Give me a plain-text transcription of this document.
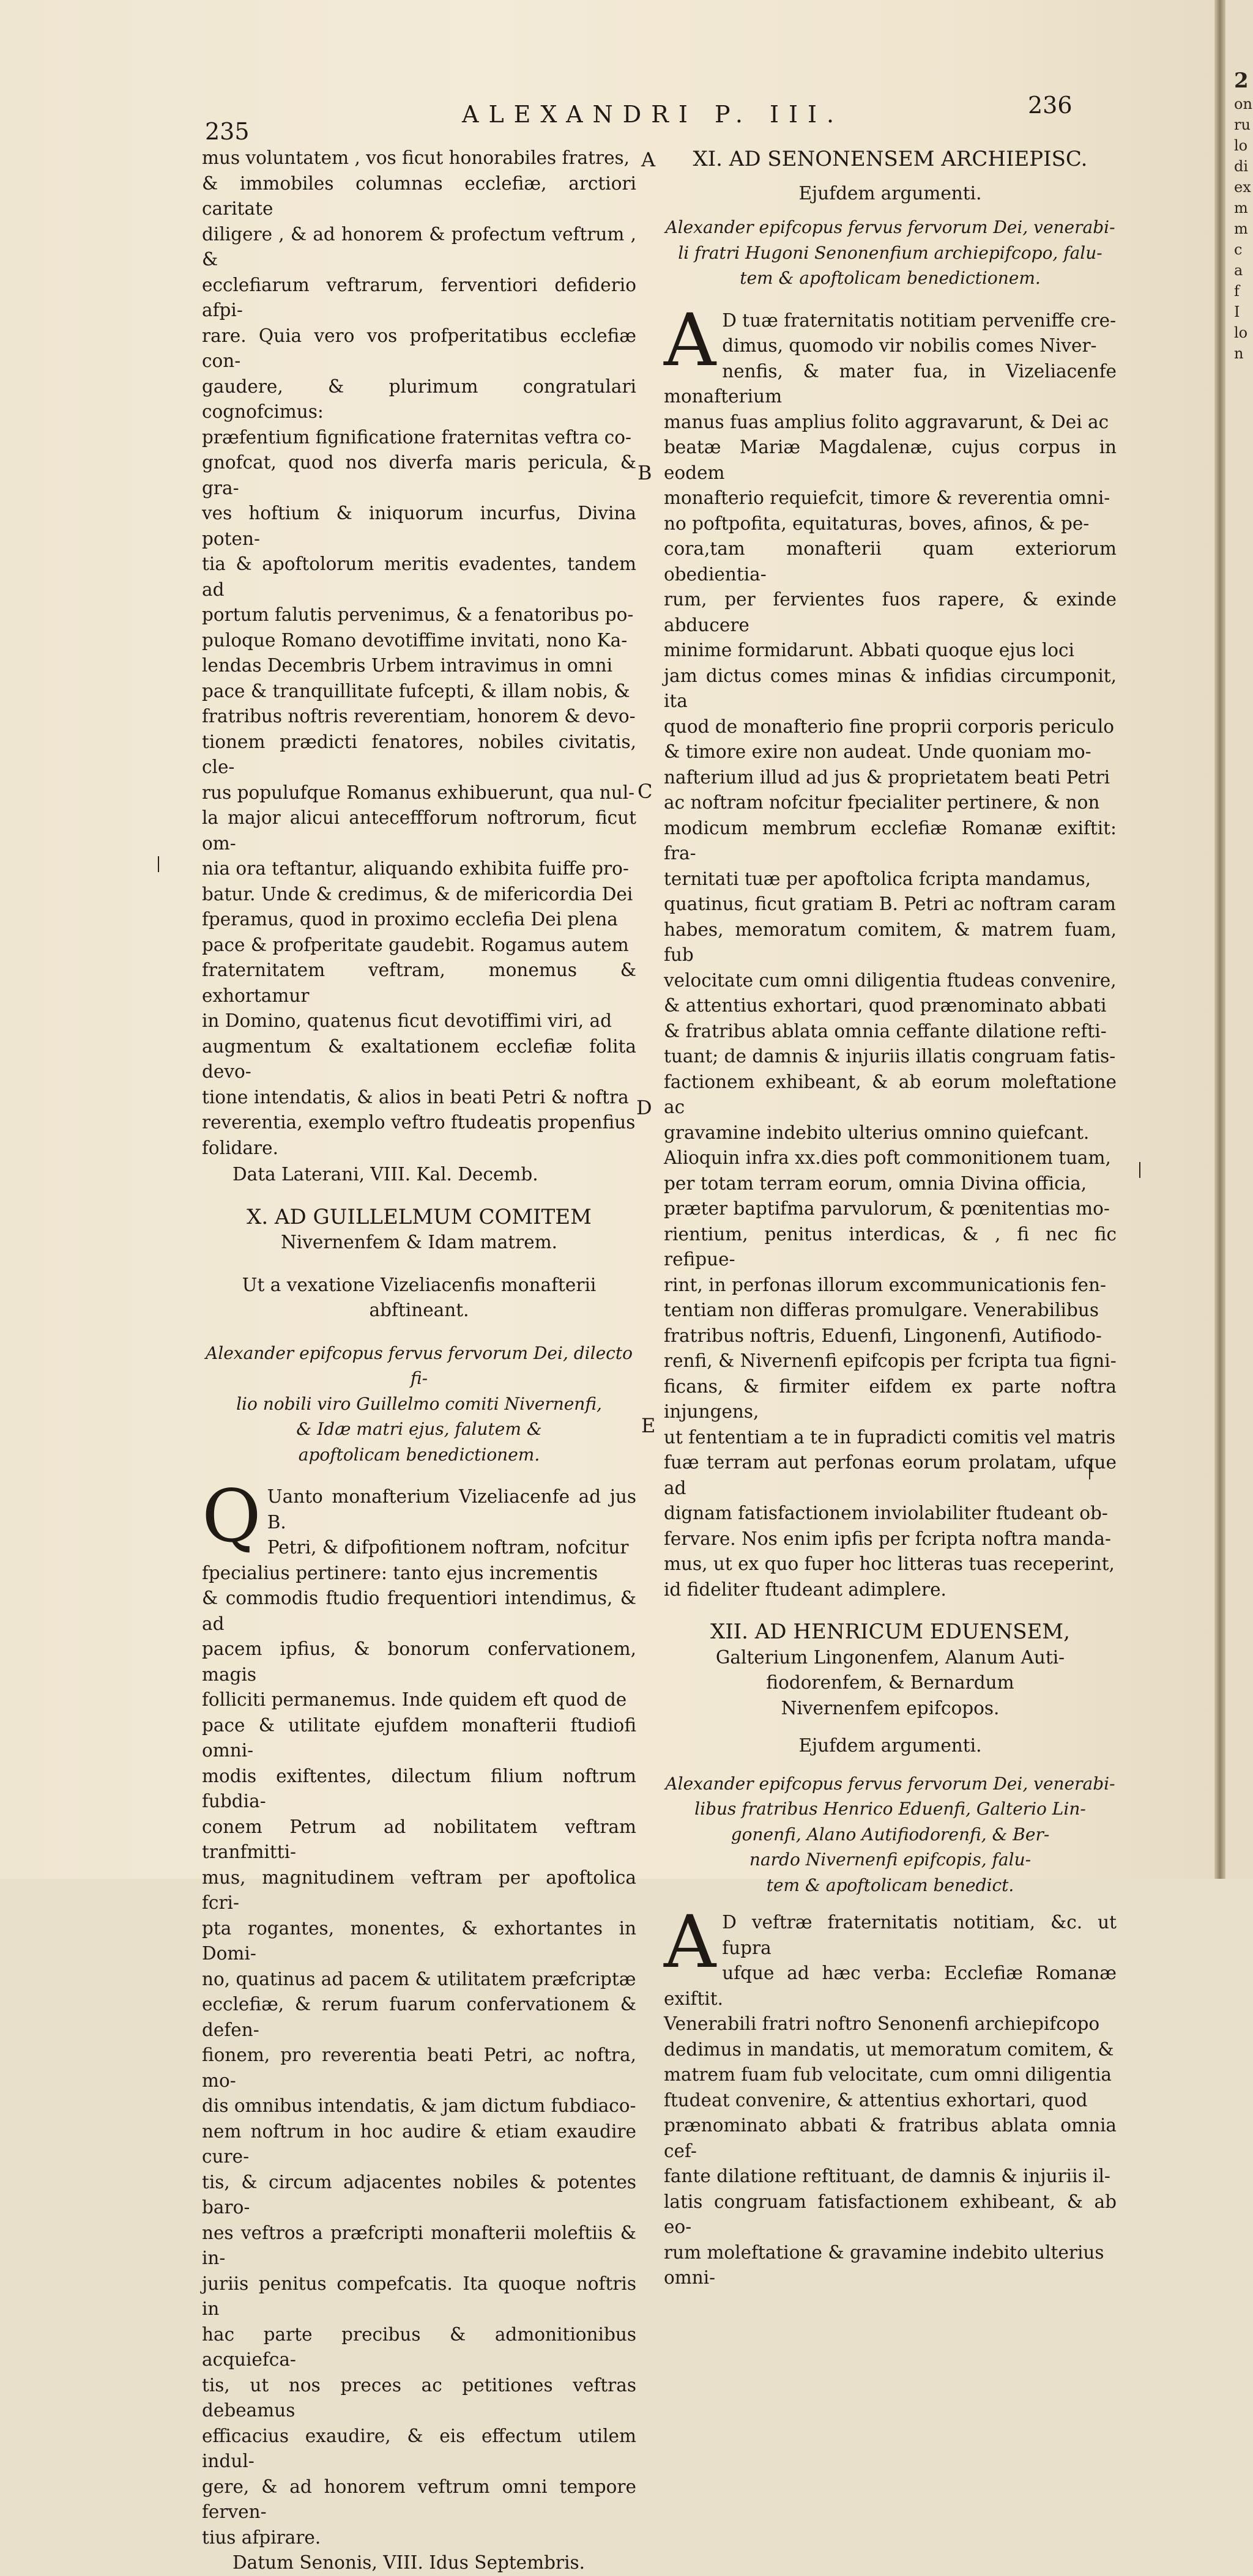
235
ALEXANDRI P. III.	236
A
B
C
D
E

mus voluntatem , vos ficut honorabiles fratres,

& immobiles columnas ecclefiæ, arctiori caritate

diligere , & ad honorem & profectum veftrum , &

ecclefiarum veftrarum, ferventiori defiderio afpi-

rare. Quia vero vos profperitatibus ecclefiæ con-

gaudere, & plurimum congratulari cognofcimus:

præfentium fignificatione fraternitas veftra co-

gnofcat, quod nos diverfa maris pericula, & gra-

ves hoftium & iniquorum incurfus, Divina poten-

tia & apoftolorum meritis evadentes, tandem ad

portum falutis pervenimus, & a fenatoribus po-

puloque Romano devotiffime invitati, nono Ka-

lendas Decembris Urbem intravimus in omni

pace & tranquillitate fufcepti, & illam nobis, &

fratribus noftris reverentiam, honorem & devo-

tionem prædicti fenatores, nobiles civitatis, cle-

rus populufque Romanus exhibuerunt, qua nul-

la major alicui anteceffforum noftrorum, ficut om-

nia ora teftantur, aliquando exhibita fuiffe pro-

batur. Unde & credimus, & de mifericordia Dei

fperamus, quod in proximo ecclefia Dei plena

pace & profperitate gaudebit. Rogamus autem

fraternitatem veftram, monemus & exhortamur

in Domino, quatenus ficut devotiffimi viri, ad

augmentum & exaltationem ecclefiæ folita devo-

tione intendatis, & alios in beati Petri & noftra

reverentia, exemplo veftro ftudeatis propenfius

folidare.

Data Laterani, VIII. Kal. Decemb.

X. AD GUILLELMUM COMITEM

Nivernenfem & Idam matrem.

Ut a vexatione Vizeliacenfis monafterii

abftineant.

Alexander epifcopus fervus fervorum Dei, dilecto fi-

lio nobili viro Guillelmo comiti Nivernenfi,

& Idæ matri ejus, falutem &

apoftolicam benedictionem.

Q Uanto monafterium Vizeliacenfe ad jus B.

Petri, & difpofitionem noftram, nofcitur

fpecialius pertinere: tanto ejus incrementis

& commodis ftudio frequentiori intendimus, & ad

pacem ipfius, & bonorum confervationem, magis

folliciti permanemus. Inde quidem eft quod de

pace & utilitate ejufdem monafterii ftudiofi omni-

modis exiftentes, dilectum filium noftrum fubdia-

conem Petrum ad nobilitatem veftram tranfmitti-

mus, magnitudinem veftram per apoftolica fcri-

pta rogantes, monentes, & exhortantes in Domi-

no, quatinus ad pacem & utilitatem præfcriptæ

ecclefiæ, & rerum fuarum confervationem & defen-

fionem, pro reverentia beati Petri, ac noftra, mo-

dis omnibus intendatis, & jam dictum fubdiaco-

nem noftrum in hoc audire & etiam exaudire cure-

tis, & circum adjacentes nobiles & potentes baro-

nes veftros a præfcripti monafterii moleftiis & in-

juriis penitus compefcatis. Ita quoque noftris in

hac parte precibus & admonitionibus acquiefca-

tis, ut nos preces ac petitiones veftras debeamus

efficacius exaudire, & eis effectum utilem indul-

gere, & ad honorem veftrum omni tempore ferven-

tius afpirare.

Datum Senonis, VIII. Idus Septembris.

XI. AD SENONENSEM ARCHIEPISC.

Ejufdem argumenti.

Alexander epifcopus fervus fervorum Dei, venerabi-

li fratri Hugoni Senonenfium archiepifcopo, falu-

tem & apoftolicam benedictionem.

A D tuæ fraternitatis notitiam perveniffe cre-

dimus, quomodo vir nobilis comes Niver-

nenfis, & mater fua, in Vizeliacenfe monafterium

manus fuas amplius folito aggravarunt, & Dei ac

beatæ Mariæ Magdalenæ, cujus corpus in eodem

monafterio requiefcit, timore & reverentia omni-

no poftpofita, equitaturas, boves, afinos, & pe-

cora,tam monafterii quam exteriorum obedientia-

rum, per fervientes fuos rapere, & exinde abducere

minime formidarunt. Abbati quoque ejus loci

jam dictus comes minas & infidias circumponit, ita

quod de monafterio fine proprii corporis periculo

& timore exire non audeat. Unde quoniam mo-

nafterium illud ad jus & proprietatem beati Petri

ac noftram nofcitur fpecialiter pertinere, & non

modicum membrum ecclefiæ Romanæ exiftit: fra-

ternitati tuæ per apoftolica fcripta mandamus,

quatinus, ficut gratiam B. Petri ac noftram caram

habes, memoratum comitem, & matrem fuam, fub

velocitate cum omni diligentia ftudeas convenire,

& attentius exhortari, quod prænominato abbati

& fratribus ablata omnia ceffante dilatione refti-

tuant; de damnis & injuriis illatis congruam fatis-

factionem exhibeant, & ab eorum moleftatione ac

gravamine indebito ulterius omnino quiefcant.

Alioquin infra xx.dies poft commonitionem tuam,

per totam terram eorum, omnia Divina officia,

præter baptifma parvulorum, & pœnitentias mo-

rientium, penitus interdicas, & , fi nec fic refipue-

rint, in perfonas illorum excommunicationis fen-

tentiam non differas promulgare. Venerabilibus

fratribus noftris, Eduenfi, Lingonenfi, Autifiodo-

renfi, & Nivernenfi epifcopis per fcripta tua figni-

ficans, & firmiter eifdem ex parte noftra injungens,

ut fententiam a te in fupradicti comitis vel matris

fuæ terram aut perfonas eorum prolatam, ufque ad

dignam fatisfactionem inviolabiliter ftudeant ob-

fervare. Nos enim ipfis per fcripta noftra manda-

mus, ut ex quo fuper hoc litteras tuas receperint,

id fideliter ftudeant adimplere.

XII. AD HENRICUM EDUENSEM,

Galterium Lingonenfem, Alanum Auti-

fiodorenfem, & Bernardum

Nivernenfem epifcopos.

Ejufdem argumenti.

Alexander epifcopus fervus fervorum Dei, venerabi-

libus fratribus Henrico Eduenfi, Galterio Lin-

gonenfi, Alano Autifiodorenfi, & Ber-

nardo Nivernenfi epifcopis, falu-

tem & apoftolicam benedict.

A D veftræ fraternitatis notitiam, &c. ut fupra

ufque ad hæc verba: Ecclefiæ Romanæ exiftit.

Venerabili fratri noftro Senonenfi archiepifcopo

dedimus in mandatis, ut memoratum comitem, &

matrem fuam fub velocitate, cum omni diligentia

ftudeat convenire, & attentius exhortari, quod

prænominato abbati & fratribus ablata omnia cef-

fante dilatione reftituant, de damnis & injuriis il-

latis congruam fatisfactionem exhibeant, & ab eo-

rum moleftatione & gravamine indebito ulterius

omni-

2
on
ru
lo
di
ex
m
m
c
a
f
I
lo
n
